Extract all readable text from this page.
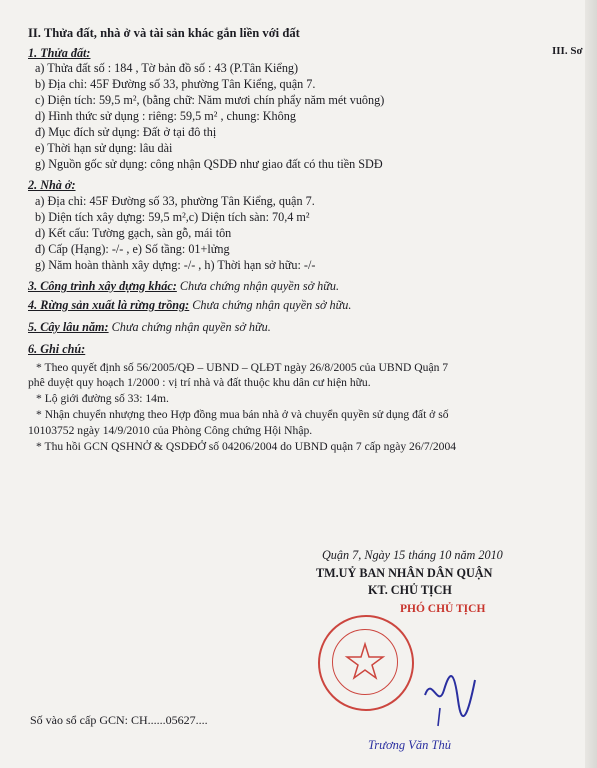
II. Thửa đất, nhà ở và tài sản khác gắn liền với đất
III. Sơ
1. Thửa đất:
a) Thửa đất số : 184 , Tờ bản đồ số : 43 (P.Tân Kiểng)
b) Địa chỉ: 45F Đường số 33, phường Tân Kiểng, quận 7.
c) Diện tích: 59,5 m², (bằng chữ: Năm mươi chín phẩy năm mét vuông)
d) Hình thức sử dụng : riêng: 59,5 m² , chung: Không
đ) Mục đích sử dụng: Đất ở tại đô thị
e) Thời hạn sử dụng: lâu dài
g) Nguồn gốc sử dụng: công nhận QSDĐ như giao đất có thu tiền SDĐ
2. Nhà ở:
a) Địa chỉ: 45F Đường số 33, phường Tân Kiểng, quận 7.
b) Diện tích xây dựng: 59,5 m²,c) Diện tích sàn: 70,4 m²
d) Kết cấu: Tường gạch, sàn gỗ, mái tôn
đ) Cấp (Hạng): -/- , e) Số tầng: 01+lửng
g) Năm hoàn thành xây dựng: -/- , h) Thời hạn sở hữu: -/-
3. Công trình xây dựng khác: Chưa chứng nhận quyền sở hữu.
4. Rừng sản xuất là rừng trồng: Chưa chứng nhận quyền sở hữu.
5. Cây lâu năm: Chưa chứng nhận quyền sở hữu.
6. Ghi chú:
* Theo quyết định số 56/2005/QĐ – UBND – QLĐT ngày 26/8/2005 của UBND Quận 7
phê duyệt quy hoạch 1/2000 : vị trí nhà và đất thuộc khu dân cư hiện hữu.
* Lộ giới đường số 33: 14m.
* Nhận chuyển nhượng theo Hợp đồng mua bán nhà ở và chuyển quyền sử dụng đất ở số
10103752 ngày 14/9/2010 của Phòng Công chứng Hội Nhập.
* Thu hồi GCN QSHNỞ & QSDĐỞ số 04206/2004 do UBND quận 7 cấp ngày 26/7/2004
Quận 7, Ngày 15 tháng 10 năm 2010
TM.UỶ BAN NHÂN DÂN QUẬN
KT. CHỦ TỊCH
PHÓ CHỦ TỊCH
Trương Văn Thủ
Số vào sổ cấp GCN: CH......05627....
